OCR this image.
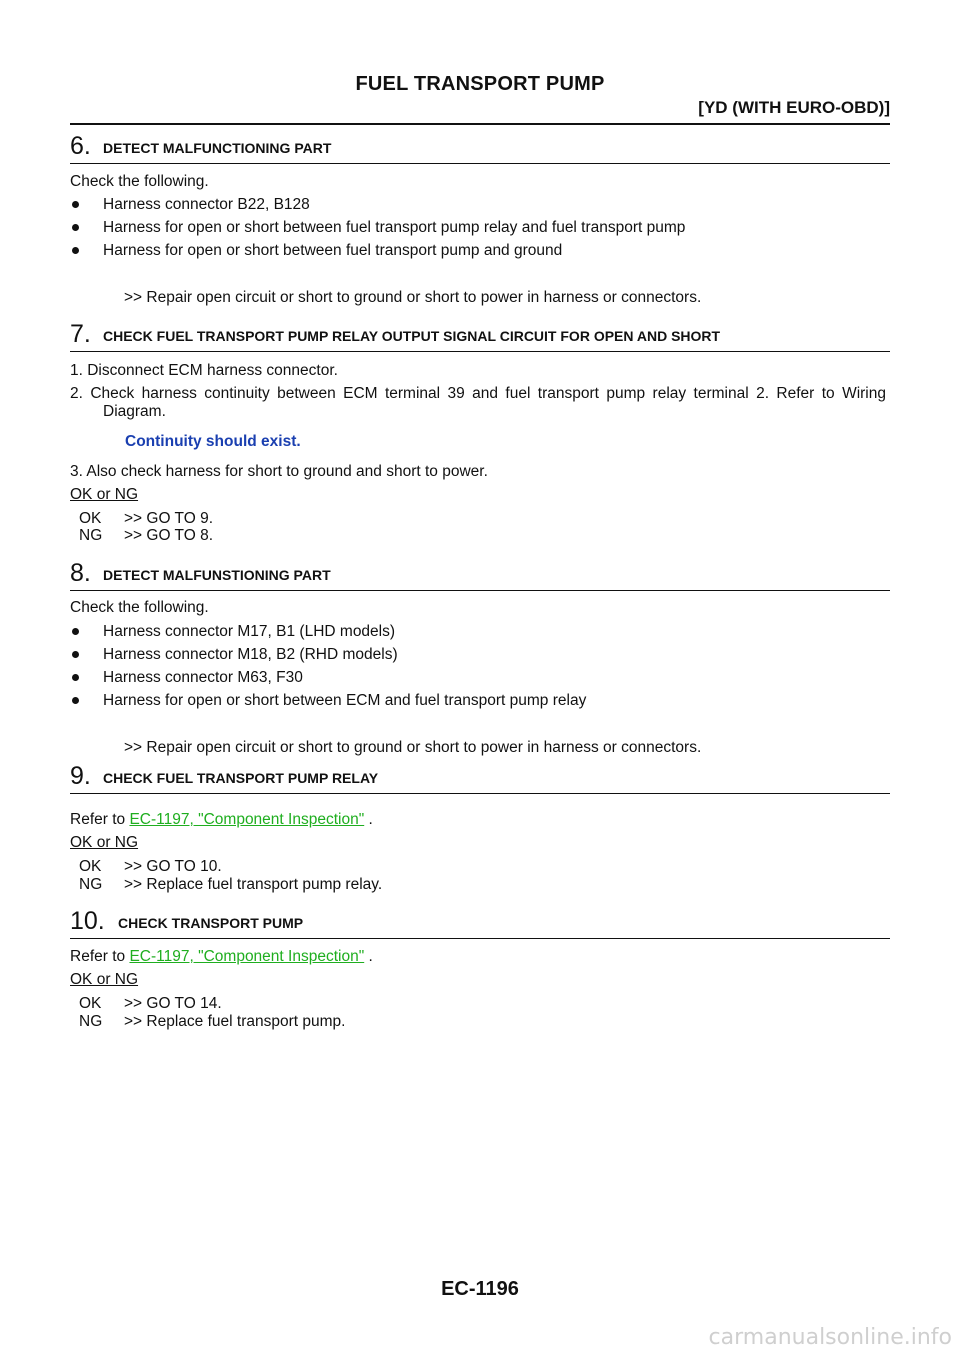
FUEL TRANSPORT PUMP
[YD (WITH EURO-OBD)]
6. DETECT MALFUNCTIONING PART
Check the following.
Harness connector B22, B128
Harness for open or short between fuel transport pump relay and fuel transport pump
Harness for open or short between fuel transport pump and ground
>> Repair open circuit or short to ground or short to power in harness or connectors.
7. CHECK FUEL TRANSPORT PUMP RELAY OUTPUT SIGNAL CIRCUIT FOR OPEN AND SHORT
1. Disconnect ECM harness connector.
2. Check harness continuity between ECM terminal 39 and fuel transport pump relay terminal 2. Refer to Wiring Diagram.
Continuity should exist.
3. Also check harness for short to ground and short to power.
OK or NG
OK >> GO TO 9.
NG >> GO TO 8.
8. DETECT MALFUNSTIONING PART
Check the following.
Harness connector M17, B1 (LHD models)
Harness connector M18, B2 (RHD models)
Harness connector M63, F30
Harness for open or short between ECM and fuel transport pump relay
>> Repair open circuit or short to ground or short to power in harness or connectors.
9. CHECK FUEL TRANSPORT PUMP RELAY
Refer to EC-1197, "Component Inspection" .
OK or NG
OK >> GO TO 10.
NG >> Replace fuel transport pump relay.
10. CHECK TRANSPORT PUMP
Refer to EC-1197, "Component Inspection" .
OK or NG
OK >> GO TO 14.
NG >> Replace fuel transport pump.
EC-1196
carmanualsonline.info
